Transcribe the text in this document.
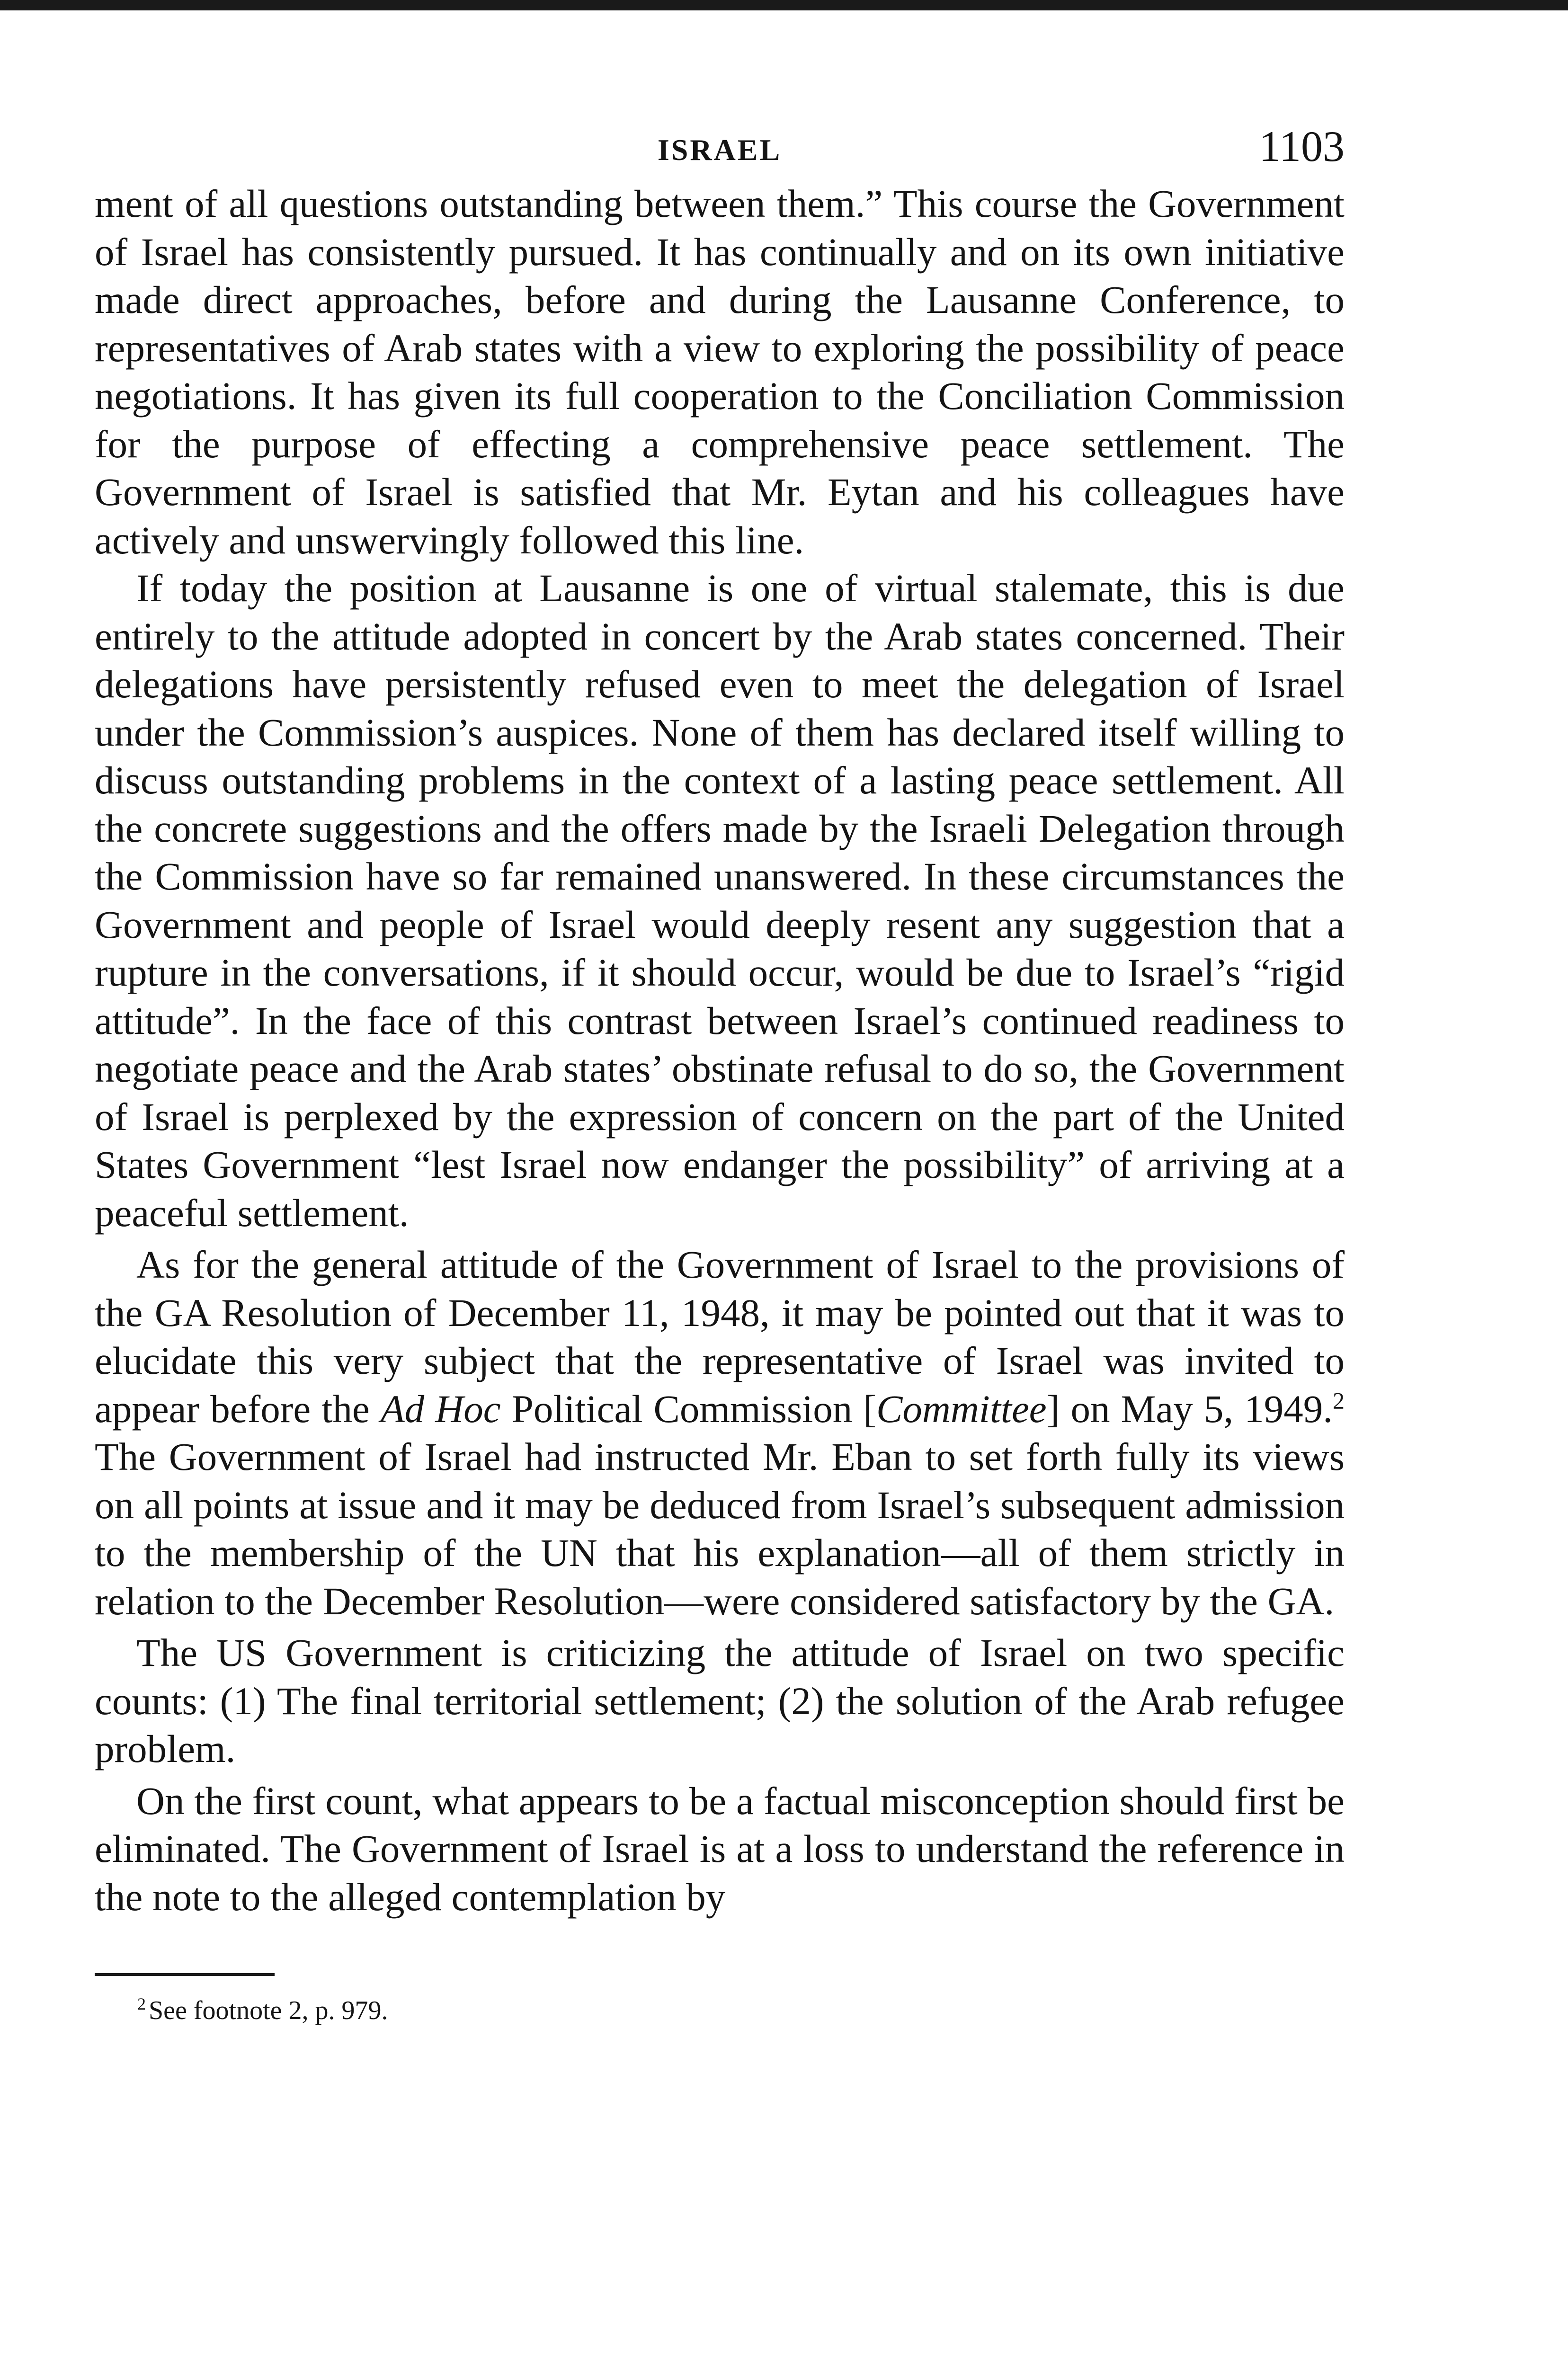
ISRAEL	1103

ment of all questions outstanding between them.” This course the Government of Israel has consistently pursued. It has continually and on its own initiative made direct approaches, before and during the Lausanne Conference, to representatives of Arab states with a view to exploring the possibility of peace negotiations. It has given its full cooperation to the Conciliation Commission for the purpose of effecting a comprehensive peace settlement. The Government of Israel is satisfied that Mr. Eytan and his colleagues have actively and unswervingly followed this line.

If today the position at Lausanne is one of virtual stalemate, this is due entirely to the attitude adopted in concert by the Arab states concerned. Their delegations have persistently refused even to meet the delegation of Israel under the Commission’s auspices. None of them has declared itself willing to discuss outstanding problems in the context of a lasting peace settlement. All the concrete suggestions and the offers made by the Israeli Delegation through the Commission have so far remained unanswered. In these circumstances the Government and people of Israel would deeply resent any suggestion that a rupture in the conversations, if it should occur, would be due to Israel’s “rigid attitude”. In the face of this contrast between Israel’s continued readiness to negotiate peace and the Arab states’ obstinate refusal to do so, the Government of Israel is perplexed by the expression of concern on the part of the United States Government “lest Israel now endanger the possibility” of arriving at a peaceful settlement.

As for the general attitude of the Government of Israel to the provisions of the GA Resolution of December 11, 1948, it may be pointed out that it was to elucidate this very subject that the representative of Israel was invited to appear before the Ad Hoc Political Commission [Committee] on May 5, 1949.$^2$ The Government of Israel had instructed Mr. Eban to set forth fully its views on all points at issue and it may be deduced from Israel’s subsequent admission to the membership of the UN that his explanation—all of them strictly in relation to the December Resolution—were considered satisfactory by the GA.

The US Government is criticizing the attitude of Israel on two specific counts: (1) The final territorial settlement; (2) the solution of the Arab refugee problem.

On the first count, what appears to be a factual misconception should first be eliminated. The Government of Israel is at a loss to understand the reference in the note to the alleged contemplation by

$^2$ See footnote 2, p. 979.
